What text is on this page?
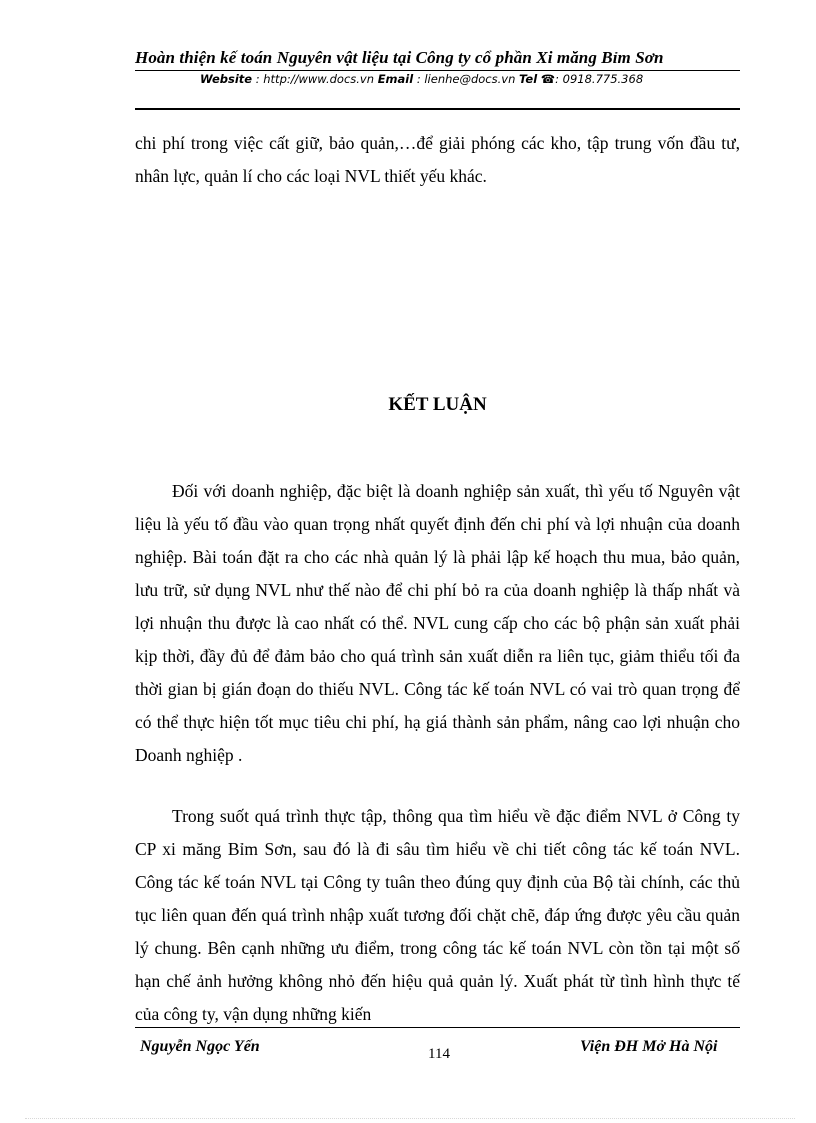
Hoàn thiện kế toán Nguyên vật liệu tại Công ty cổ phần Xi măng Bỉm Sơn
Website : http://www.docs.vn Email : lienhe@docs.vn Tel ☎: 0918.775.368
chi phí trong việc cất giữ, bảo quản,…để giải phóng các kho, tập trung vốn đầu tư, nhân lực, quản lí cho các loại NVL thiết yếu khác.
KẾT LUẬN
Đối với doanh nghiệp, đặc biệt là doanh nghiệp sản xuất, thì yếu tố Nguyên vật liệu là yếu tố đầu vào quan trọng nhất quyết định đến chi phí và lợi nhuận của doanh nghiệp. Bài toán đặt ra cho các nhà quản lý là phải lập kế hoạch thu mua, bảo quản, lưu trữ, sử dụng NVL như thế nào để chi phí bỏ ra của doanh nghiệp là thấp nhất và lợi nhuận thu được là cao nhất có thể. NVL cung cấp cho các bộ phận sản xuất phải kịp thời, đầy đủ để đảm bảo cho quá trình sản xuất diễn ra liên tục, giảm thiểu tối đa thời gian bị gián đoạn do thiếu NVL. Công tác kế toán NVL có vai trò quan trọng để có thể thực hiện tốt mục tiêu chi phí, hạ giá thành sản phẩm, nâng cao lợi nhuận cho Doanh nghiệp .
Trong suốt quá trình thực tập, thông qua tìm hiểu về đặc điểm NVL ở Công ty CP xi măng Bỉm Sơn, sau đó là đi sâu tìm hiểu về chi tiết công tác kế toán NVL. Công tác kế toán NVL tại Công ty tuân theo đúng quy định của Bộ tài chính, các thủ tục liên quan đến quá trình nhập xuất tương đối chặt chẽ, đáp ứng được yêu cầu quản lý chung. Bên cạnh những ưu điểm, trong công tác kế toán NVL còn tồn tại một số hạn chế ảnh hưởng không nhỏ đến hiệu quả quản lý. Xuất phát từ tình hình thực tế của công ty, vận dụng những kiến
Nguyễn Ngọc Yến	114	Viện ĐH Mở Hà Nội
